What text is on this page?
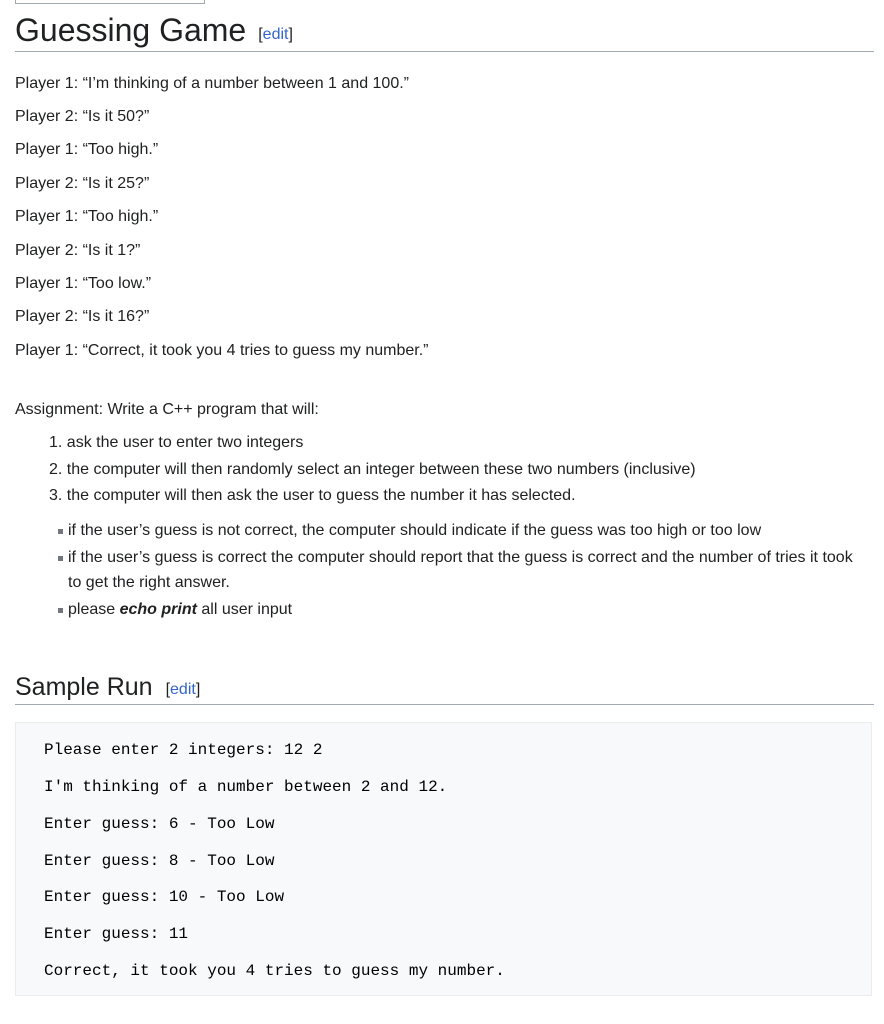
Guessing Game [edit]
Player 1: “I’m thinking of a number between 1 and 100.”
Player 2: “Is it 50?”
Player 1: “Too high.”
Player 2: “Is it 25?”
Player 1: “Too high.”
Player 2: “Is it 1?”
Player 1: “Too low.”
Player 2: “Is it 16?”
Player 1: “Correct, it took you 4 tries to guess my number.”
Assignment: Write a C++ program that will:
1. ask the user to enter two integers
2. the computer will then randomly select an integer between these two numbers (inclusive)
3. the computer will then ask the user to guess the number it has selected.
if the user’s guess is not correct, the computer should indicate if the guess was too high or too low
if the user’s guess is correct the computer should report that the guess is correct and the number of tries it took to get the right answer.
please echo print all user input
Sample Run [edit]
Please enter 2 integers: 12 2
I'm thinking of a number between 2 and 12.
Enter guess: 6 - Too Low
Enter guess: 8 - Too Low
Enter guess: 10 - Too Low
Enter guess: 11
Correct, it took you 4 tries to guess my number.
